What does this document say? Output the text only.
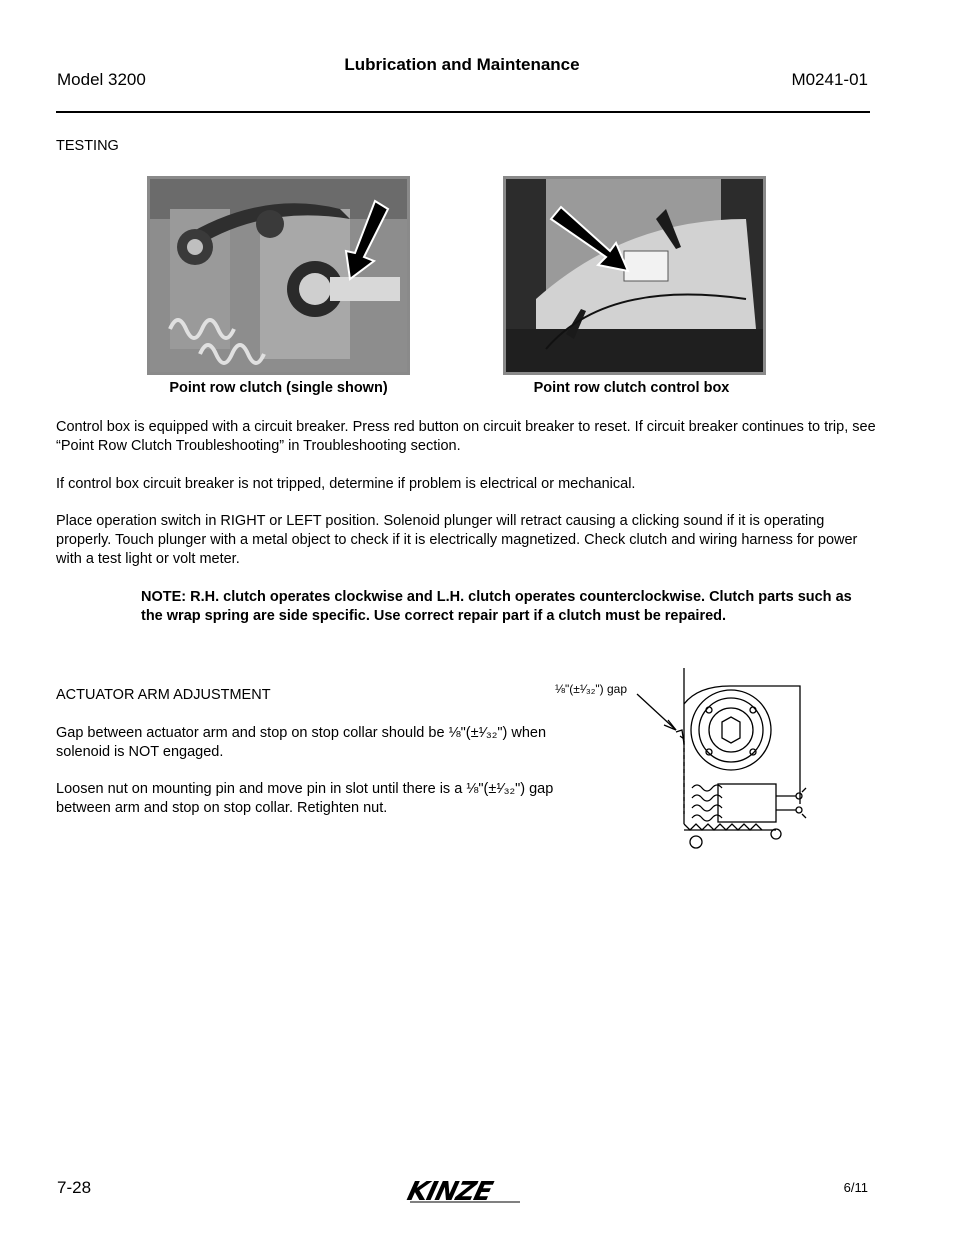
Model 3200
Lubrication and Maintenance
M0241-01
TESTING
Point row clutch (single shown)	Point row clutch control box
Control box is equipped with a circuit breaker. Press red button on circuit breaker to reset. If circuit breaker continues to trip, see “Point Row Clutch Troubleshooting” in Troubleshooting section.
If control box circuit breaker is not tripped, determine if problem is electrical or mechanical.
Place operation switch in RIGHT or LEFT position. Solenoid plunger will retract causing a clicking sound if it is operating properly. Touch plunger with a metal object to check if it is electrically magnetized. Check clutch and wiring harness for power with a test light or volt meter.
NOTE: R.H. clutch operates clockwise and L.H. clutch operates counterclockwise. Clutch parts such as the wrap spring are side specific. Use correct repair part if a clutch must be repaired.
ACTUATOR ARM ADJUSTMENT
Gap between actuator arm and stop on stop collar should be ⅛"(±¹⁄₃₂") when solenoid is NOT engaged.
Loosen nut on mounting pin and move pin in slot until there is a ⅛"(±¹⁄₃₂") gap between arm and stop on stop collar. Retighten nut.
⅛"(±¹⁄₃₂") gap
7-28	KINZE	6/11
